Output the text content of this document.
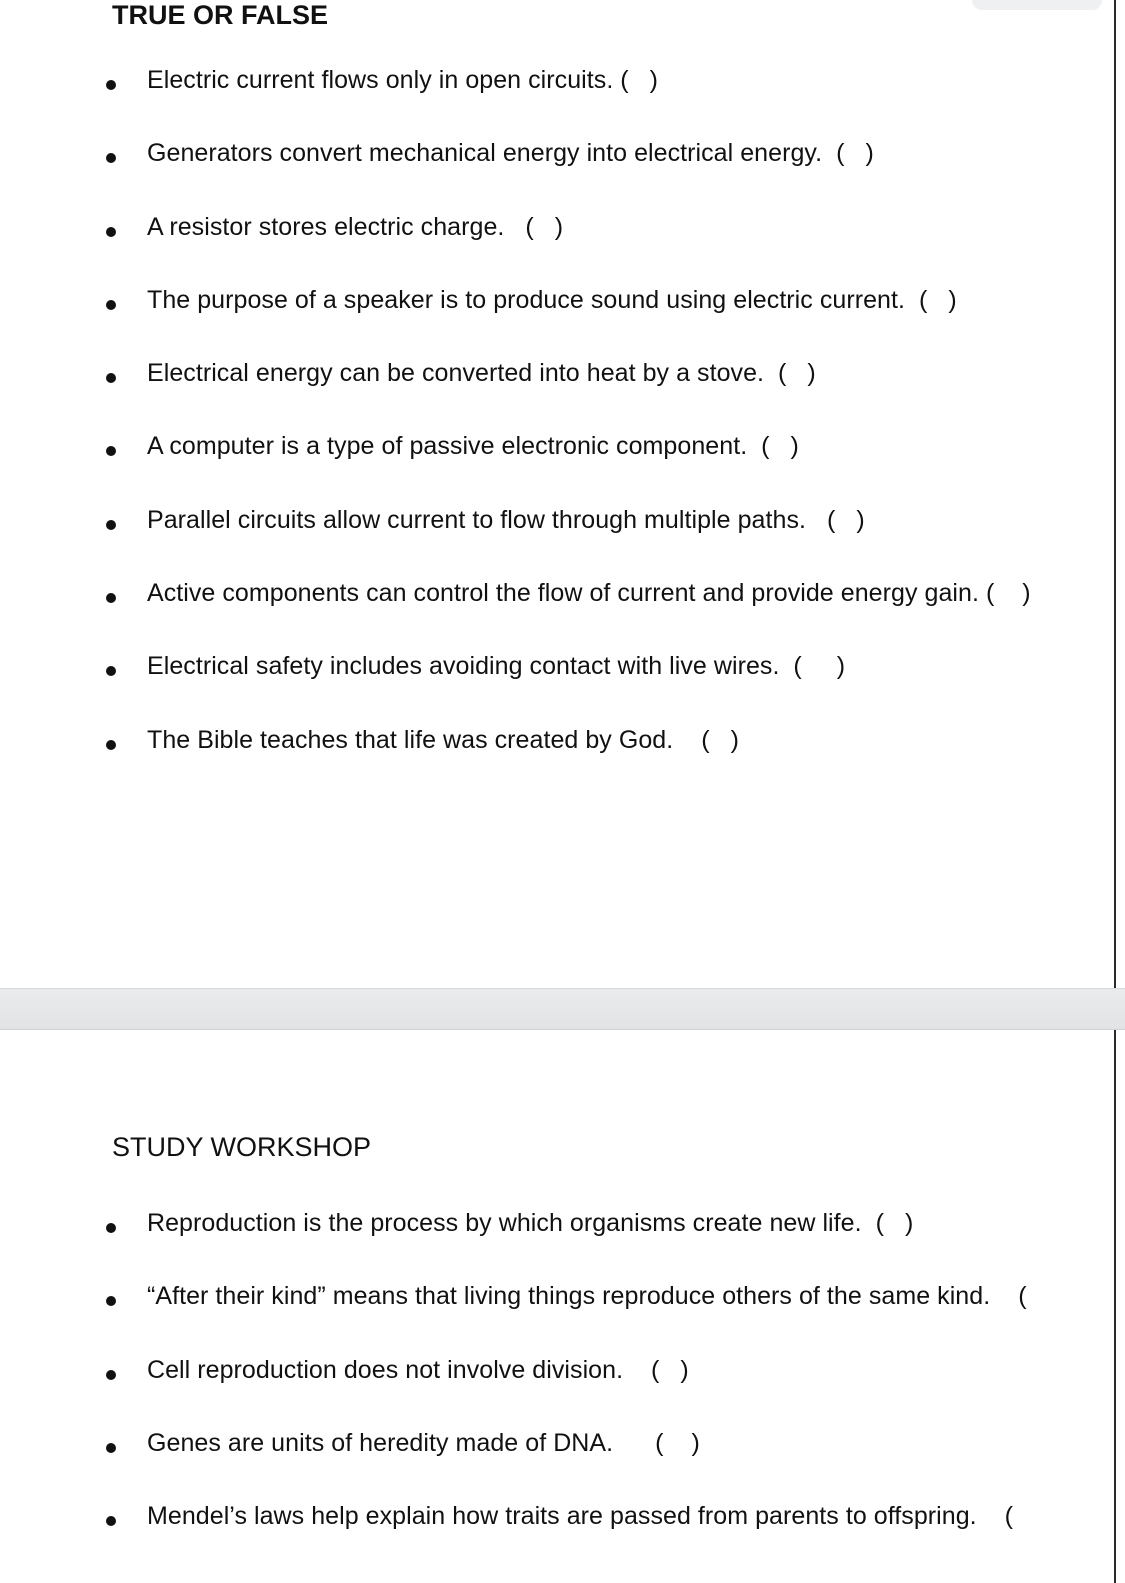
TRUE OR FALSE
Electric current flows only in open circuits. (   )
Generators convert mechanical energy into electrical energy.  (   )
A resistor stores electric charge.   (   )
The purpose of a speaker is to produce sound using electric current.  (   )
Electrical energy can be converted into heat by a stove.  (   )
A computer is a type of passive electronic component.  (   )
Parallel circuits allow current to flow through multiple paths.   (   )
Active components can control the flow of current and provide energy gain. (    )
Electrical safety includes avoiding contact with live wires.  (     )
The Bible teaches that life was created by God.    (   )
STUDY WORKSHOP
Reproduction is the process by which organisms create new life.  (   )
“After their kind” means that living things reproduce others of the same kind.    (
Cell reproduction does not involve division.    (   )
Genes are units of heredity made of DNA.      (    )
Mendel’s laws help explain how traits are passed from parents to offspring.    (
